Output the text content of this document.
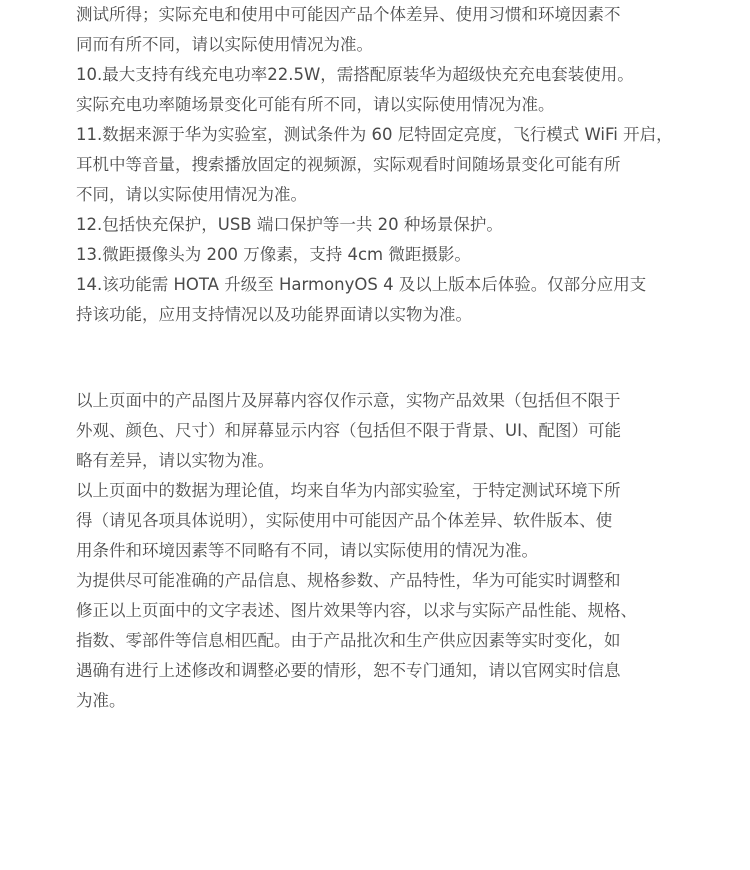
测试所得；实际充电和使用中可能因产品个体差异、使用习惯和环境因素不
同而有所不同，请以实际使用情况为准。
10.最大支持有线充电功率22.5W，需搭配原装华为超级快充充电套装使用。
实际充电功率随场景变化可能有所不同，请以实际使用情况为准。
11.数据来源于华为实验室，测试条件为 60 尼特固定亮度，飞行模式 WiFi 开启，
耳机中等音量，搜索播放固定的视频源，实际观看时间随场景变化可能有所
不同，请以实际使用情况为准。
12.包括快充保护，USB 端口保护等一共 20 种场景保护。
13.微距摄像头为 200 万像素，支持 4cm 微距摄影。
14.该功能需 HOTA 升级至 HarmonyOS 4 及以上版本后体验。仅部分应用支
持该功能，应用支持情况以及功能界面请以实物为准。
以上页面中的产品图片及屏幕内容仅作示意，实物产品效果（包括但不限于
外观、颜色、尺寸）和屏幕显示内容（包括但不限于背景、UI、配图）可能
略有差异，请以实物为准。
以上页面中的数据为理论值，均来自华为内部实验室，于特定测试环境下所
得（请见各项具体说明），实际使用中可能因产品个体差异、软件版本、使
用条件和环境因素等不同略有不同，请以实际使用的情况为准。
为提供尽可能准确的产品信息、规格参数、产品特性，华为可能实时调整和
修正以上页面中的文字表述、图片效果等内容，以求与实际产品性能、规格、
指数、零部件等信息相匹配。由于产品批次和生产供应因素等实时变化，如
遇确有进行上述修改和调整必要的情形，恕不专门通知，请以官网实时信息
为准。
